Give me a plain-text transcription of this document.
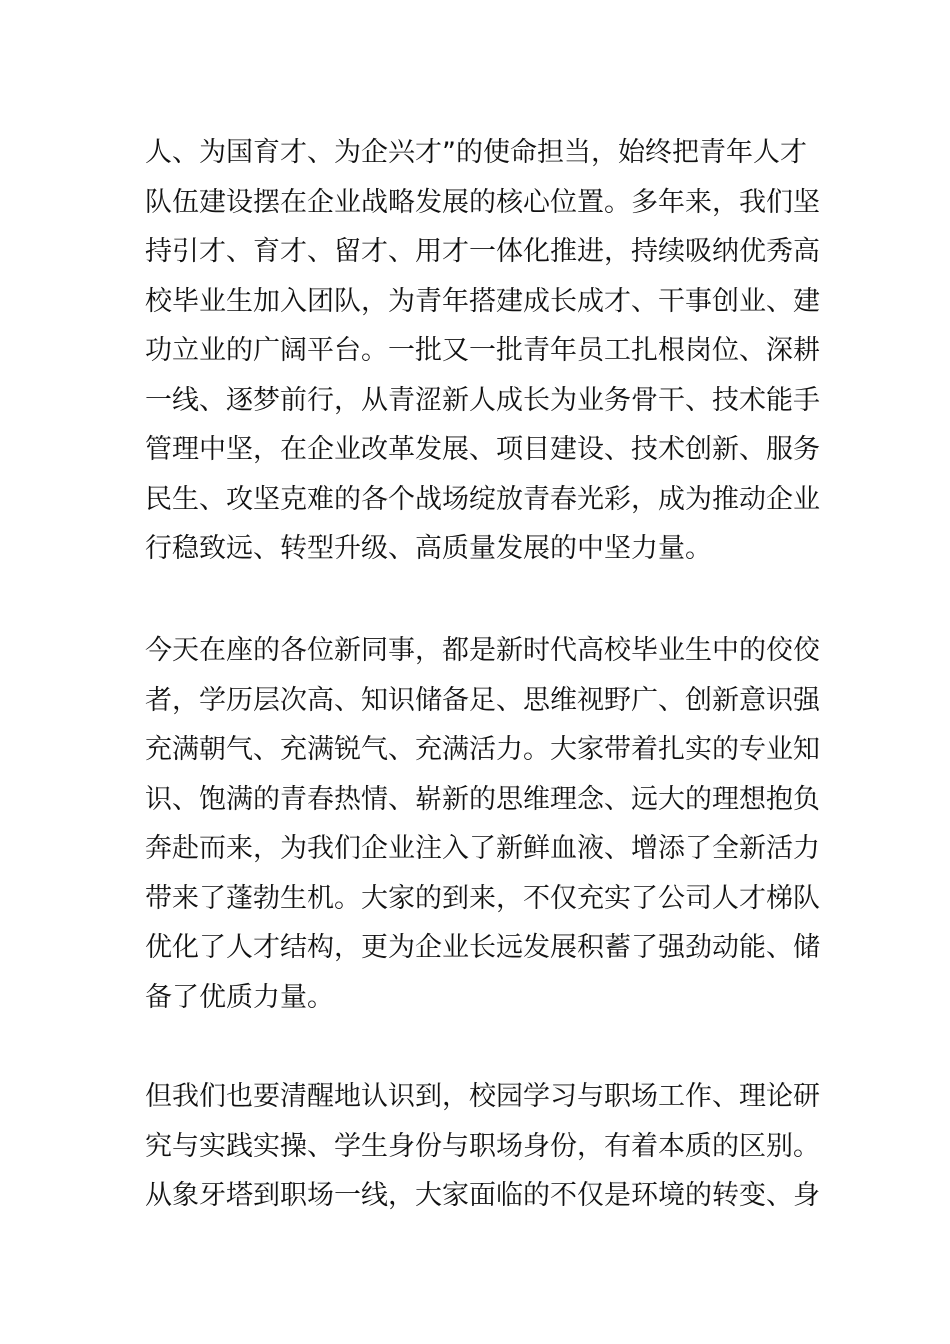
人、为国育才、为企兴才”的使命担当，始终把青年人才
队伍建设摆在企业战略发展的核心位置。多年来，我们坚
持引才、育才、留才、用才一体化推进，持续吸纳优秀高
校毕业生加入团队，为青年搭建成长成才、干事创业、建
功立业的广阔平台。一批又一批青年员工扎根岗位、深耕
一线、逐梦前行，从青涩新人成长为业务骨干、技术能手
管理中坚，在企业改革发展、项目建设、技术创新、服务
民生、攻坚克难的各个战场绽放青春光彩，成为推动企业
行稳致远、转型升级、高质量发展的中坚力量。
今天在座的各位新同事，都是新时代高校毕业生中的佼佼
者，学历层次高、知识储备足、思维视野广、创新意识强
充满朝气、充满锐气、充满活力。大家带着扎实的专业知
识、饱满的青春热情、崭新的思维理念、远大的理想抱负
奔赴而来，为我们企业注入了新鲜血液、增添了全新活力
带来了蓬勃生机。大家的到来，不仅充实了公司人才梯队
优化了人才结构，更为企业长远发展积蓄了强劲动能、储
备了优质力量。
但我们也要清醒地认识到，校园学习与职场工作、理论研
究与实践实操、学生身份与职场身份，有着本质的区别。
从象牙塔到职场一线，大家面临的不仅是环境的转变、身
